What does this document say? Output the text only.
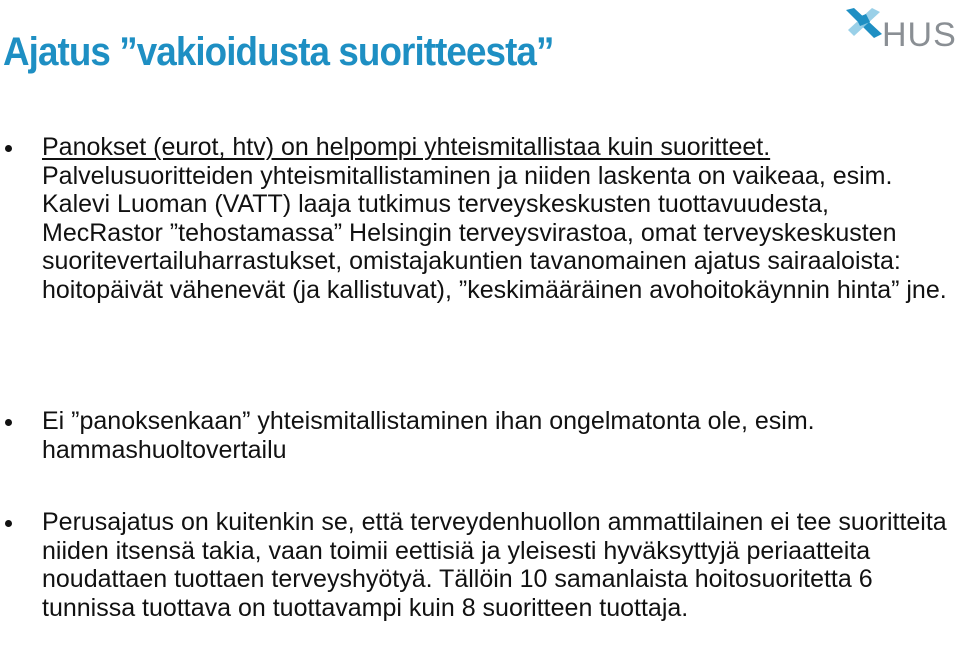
Ajatus ”vakioidusta suoritteesta”	HUS
Panokset (eurot, htv) on helpompi yhteismitallistaa kuin suoritteet. Palvelusuoritteiden yhteismitallistaminen ja niiden laskenta on vaikeaa, esim. Kalevi Luoman (VATT) laaja tutkimus terveyskeskusten tuottavuudesta, MecRastor ”tehostamassa” Helsingin terveysvirastoa, omat terveyskeskusten suoritevertailuharrastukset, omistajakuntien tavanomainen ajatus sairaaloista: hoitopäivät vähenevät (ja kallistuvat), ”keskimääräinen avohoitokäynnin hinta” jne.
Ei ”panoksenkaan” yhteismitallistaminen ihan ongelmatonta ole, esim. hammashuoltovertailu
Perusajatus on kuitenkin se, että terveydenhuollon ammattilainen ei tee suoritteita niiden itsensä takia, vaan toimii eettisiä ja yleisesti hyväksyttyjä periaatteita noudattaen tuottaen terveyshyötyä. Tällöin 10 samanlaista hoitosuoritetta 6 tunnissa tuottava on tuottavampi kuin 8 suoritteen tuottaja.
